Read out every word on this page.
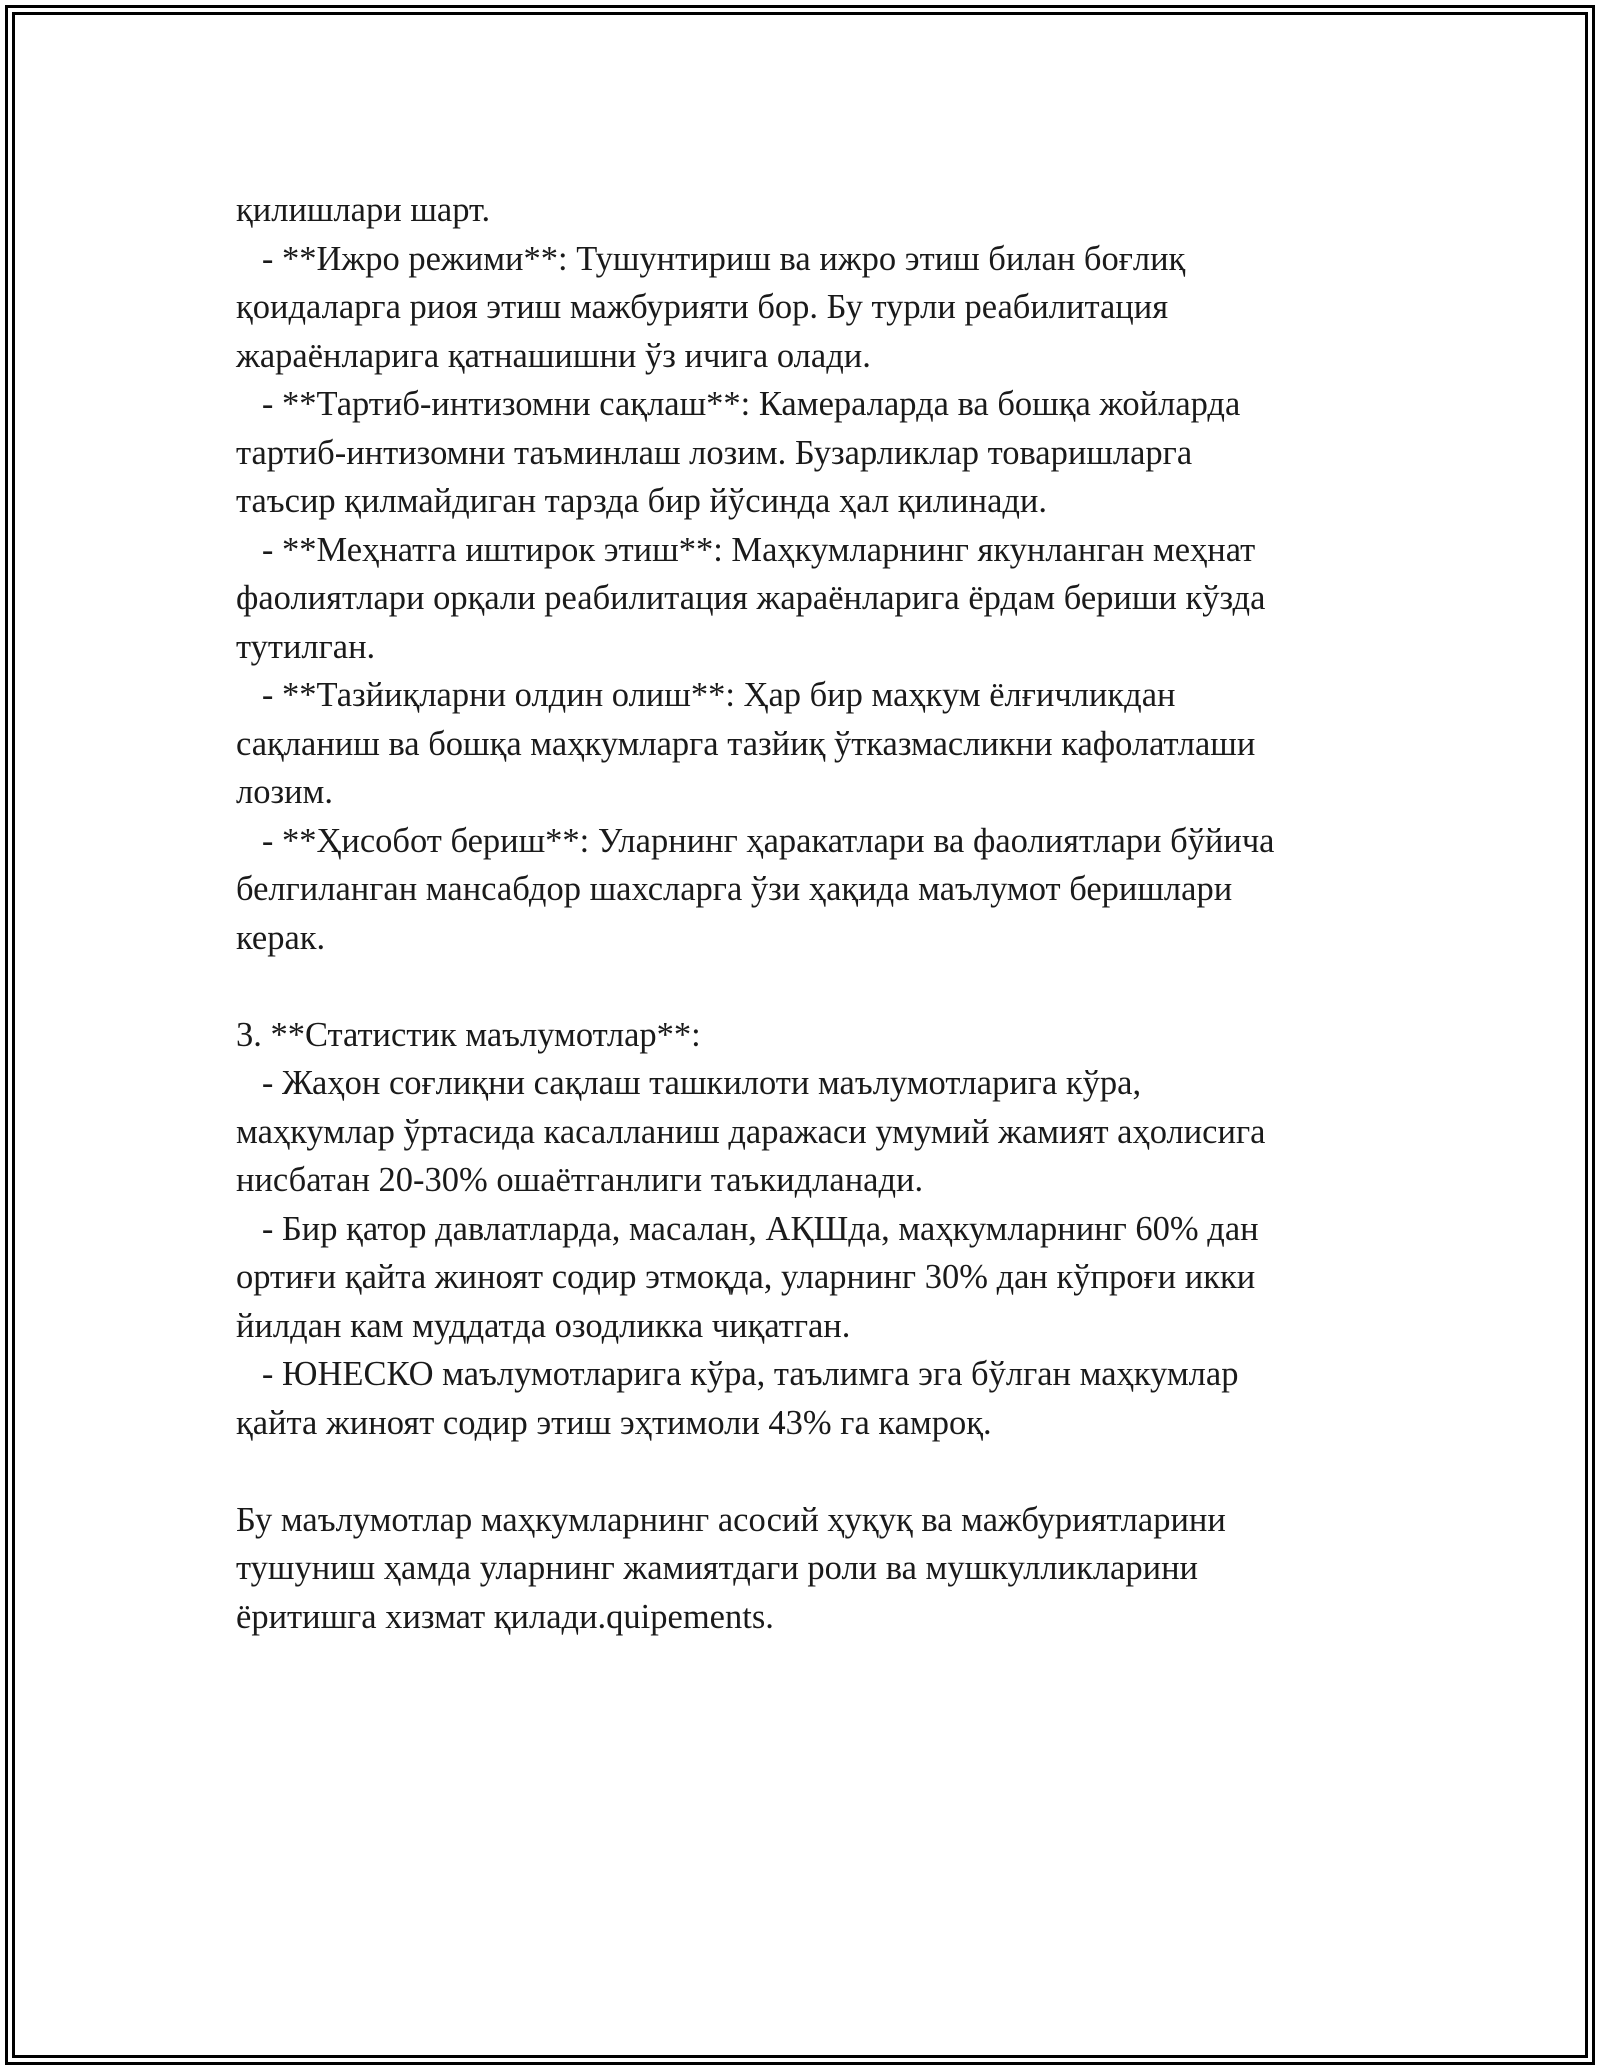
қилишлари шарт.
- **Ижро режими**: Тушунтириш ва ижро этиш билан боғлиқ
қоидаларга риоя этиш мажбурияти бор. Бу турли реабилитация
жараёнларига қатнашишни ўз ичига олади.
- **Тартиб-интизомни сақлаш**: Камераларда ва бошқа жойларда
тартиб-интизомни таъминлаш лозим. Бузарликлар товаришларга
таъсир қилмайдиган тарзда бир йўсинда ҳал қилинади.
- **Меҳнатга иштирок этиш**: Маҳкумларнинг якунланган меҳнат
фаолиятлари орқали реабилитация жараёнларига ёрдам бериши кўзда
тутилган.
- **Тазйиқларни олдин олиш**: Ҳар бир маҳкум ёлғичликдан
сақланиш ва бошқа маҳкумларга тазйиқ ўтказмасликни кафолатлаши
лозим.
- **Ҳисобот бериш**: Уларнинг ҳаракатлари ва фаолиятлари бўйича
белгиланган мансабдор шахсларга ўзи ҳақида маълумот беришлари
керак.
3. **Статистик маълумотлар**:
- Жаҳон соғлиқни сақлаш ташкилоти маълумотларига кўра,
маҳкумлар ўртасида касалланиш даражаси умумий жамият аҳолисига
нисбатан 20-30% ошаётганлиги таъкидланади.
- Бир қатор давлатларда, масалан, АҚШда, маҳкумларнинг 60% дан
ортиғи қайта жиноят содир этмоқда, уларнинг 30% дан кўпроғи икки
йилдан кам муддатда озодликка чиқатган.
- ЮНЕСКО маълумотларига кўра, таълимга эга бўлган маҳкумлар
қайта жиноят содир этиш эҳтимоли 43% га камроқ.
Бу маълумотлар маҳкумларнинг асосий ҳуқуқ ва мажбуриятларини
тушуниш ҳамда уларнинг жамиятдаги роли ва мушкулликларини
ёритишга хизмат қилади.quipements.
